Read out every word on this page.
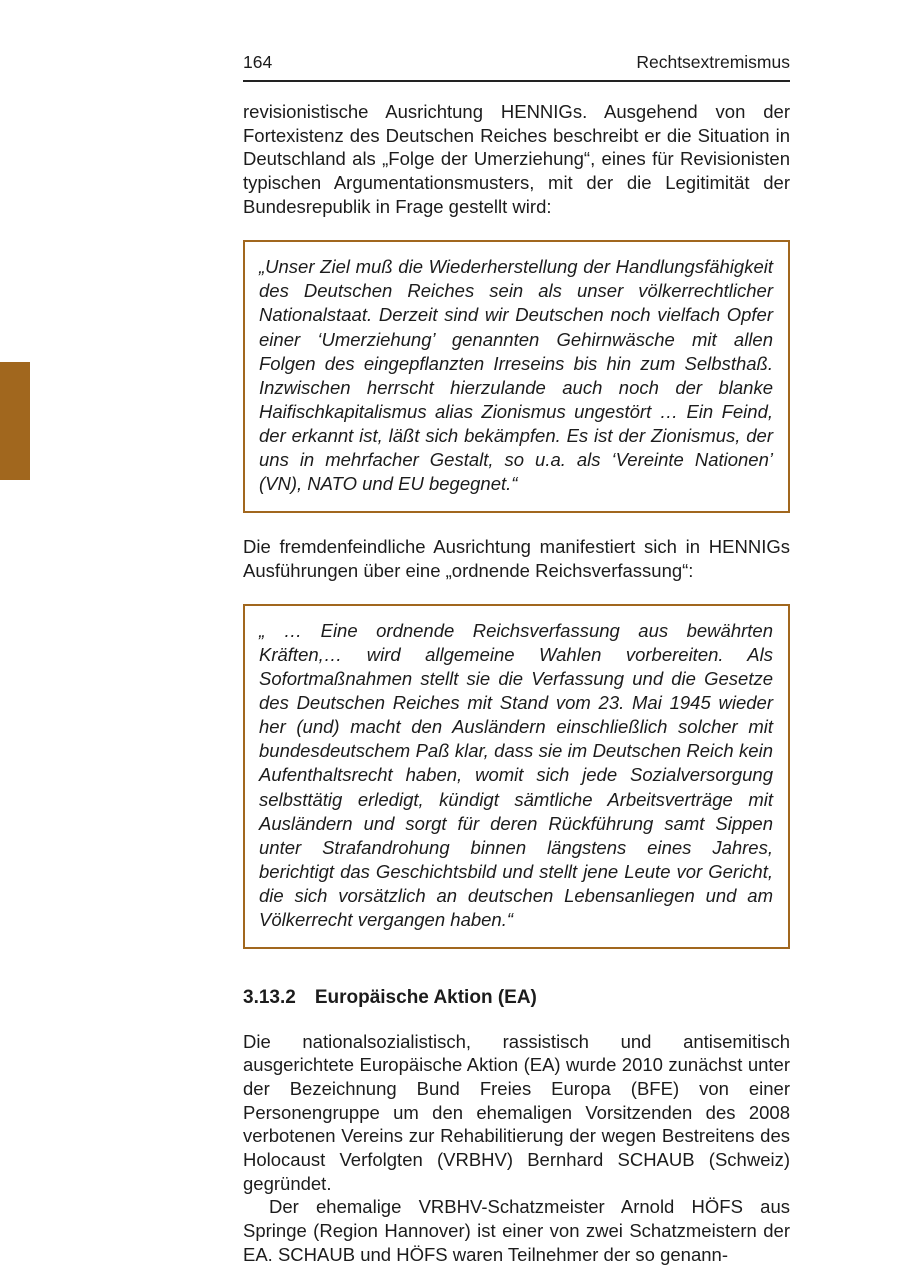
164	Rechtsextremismus

revisionistische Ausrichtung HENNIGs. Ausgehend von der Fortexistenz des Deutschen Reiches beschreibt er die Situation in Deutschland als „Folge der Umerziehung“, eines für Revisionisten typischen Argumentationsmusters, mit der die Legitimität der Bundesrepublik in Frage gestellt wird:

„Unser Ziel muß die Wiederherstellung der Handlungsfähigkeit des Deutschen Reiches sein als unser völkerrechtlicher Nationalstaat. Derzeit sind wir Deutschen noch vielfach Opfer einer ‘Umerziehung’ genannten Gehirnwäsche mit allen Folgen des eingepflanzten Irreseins bis hin zum Selbsthaß. Inzwischen herrscht hierzulande auch noch der blanke Haifischkapitalismus alias Zionismus ungestört … Ein Feind, der erkannt ist, läßt sich bekämpfen. Es ist der Zionismus, der uns in mehrfacher Gestalt, so u.a. als ‘Vereinte Nationen’ (VN), NATO und EU begegnet.“

Die fremdenfeindliche Ausrichtung manifestiert sich in HENNIGs Ausführungen über eine „ordnende Reichsverfassung“:

„ … Eine ordnende Reichsverfassung aus bewährten Kräften,… wird allgemeine Wahlen vorbereiten. Als Sofortmaßnahmen stellt sie die Verfassung und die Gesetze des Deutschen Reiches mit Stand vom 23. Mai 1945 wieder her (und) macht den Ausländern einschließlich solcher mit bundesdeutschem Paß klar, dass sie im Deutschen Reich kein Aufenthaltsrecht haben, womit sich jede Sozialversorgung selbsttätig erledigt, kündigt sämtliche Arbeitsverträge mit Ausländern und sorgt für deren Rückführung samt Sippen unter Strafandrohung binnen längstens eines Jahres, berichtigt das Geschichtsbild und stellt jene Leute vor Gericht, die sich vorsätzlich an deutschen Lebensanliegen und am Völkerrecht vergangen haben.“

3.13.2 Europäische Aktion (EA)

Die nationalsozialistisch, rassistisch und antisemitisch ausgerichtete Europäische Aktion (EA) wurde 2010 zunächst unter der Bezeichnung Bund Freies Europa (BFE) von einer Personengruppe um den ehemaligen Vorsitzenden des 2008 verbotenen Vereins zur Rehabilitierung der wegen Bestreitens des Holocaust Verfolgten (VRBHV) Bernhard SCHAUB (Schweiz) gegründet.

Der ehemalige VRBHV-Schatzmeister Arnold HÖFS aus Springe (Region Hannover) ist einer von zwei Schatzmeistern der EA. SCHAUB und HÖFS waren Teilnehmer der so genann-
